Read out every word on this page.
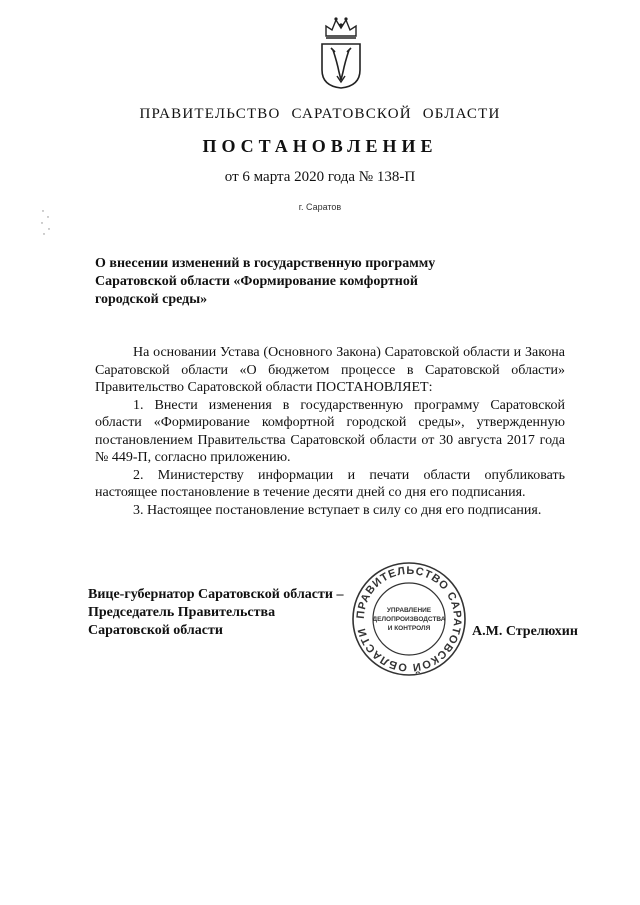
ПРАВИТЕЛЬСТВО САРАТОВСКОЙ ОБЛАСТИ
ПОСТАНОВЛЕНИЕ
от 6 марта 2020 года № 138-П
г. Саратов
О внесении изменений в государственную программу Саратовской области «Формирование комфортной городской среды»

На основании Устава (Основного Закона) Саратовской области и Закона Саратовской области «О бюджетом процессе в Саратовской области» Правительство Саратовской области ПОСТАНОВЛЯЕТ:

1. Внести изменения в государственную программу Саратовской области «Формирование комфортной городской среды», утвержденную постановлением Правительства Саратовской области от 30 августа 2017 года № 449-П, согласно приложению.

2. Министерству информации и печати области опубликовать настоящее постановление в течение десяти дней со дня его подписания.

3. Настоящее постановление вступает в силу со дня его подписания.

Вице-губернатор Саратовской области –
Председатель Правительства
Саратовской области
ПРАВИТЕЛЬСТВО САРАТОВСКОЙ ОБЛАСТИ
УПРАВЛЕНИЕ
ДЕЛОПРОИЗВОДСТВА
И КОНТРОЛЯ	А.М. Стрелюхин
